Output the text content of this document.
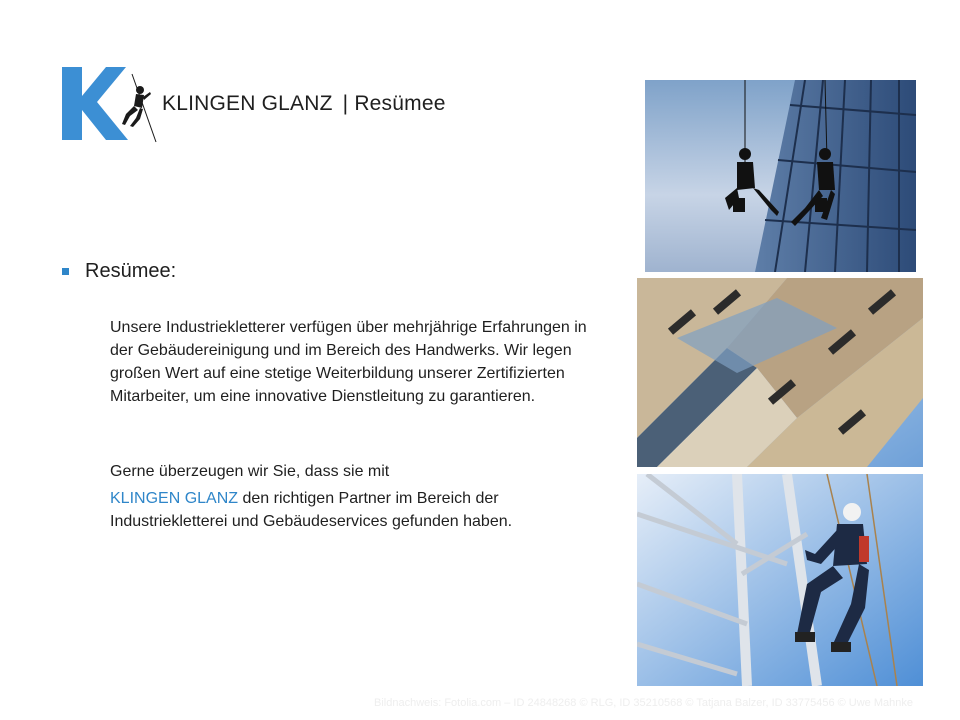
KLINGEN GLANZ | Resümee
Resümee:
Unsere Industriekletterer verfügen über mehrjährige Erfahrungen in der Gebäudereinigung und im Bereich des Handwerks. Wir legen großen Wert auf eine stetige Weiterbildung unserer Zertifizierten Mitarbeiter, um eine innovative Dienstleitung zu garantieren.
Gerne überzeugen wir Sie, dass sie mit
KLINGEN GLANZ den richtigen Partner im Bereich der Industriekletterei und Gebäudeservices gefunden haben.
Bildnachweis: Fotolia.com – ID 24848268 © RLG, ID 35210568 © Tatjana Balzer, ID 33775456 © Uwe Mahnke
